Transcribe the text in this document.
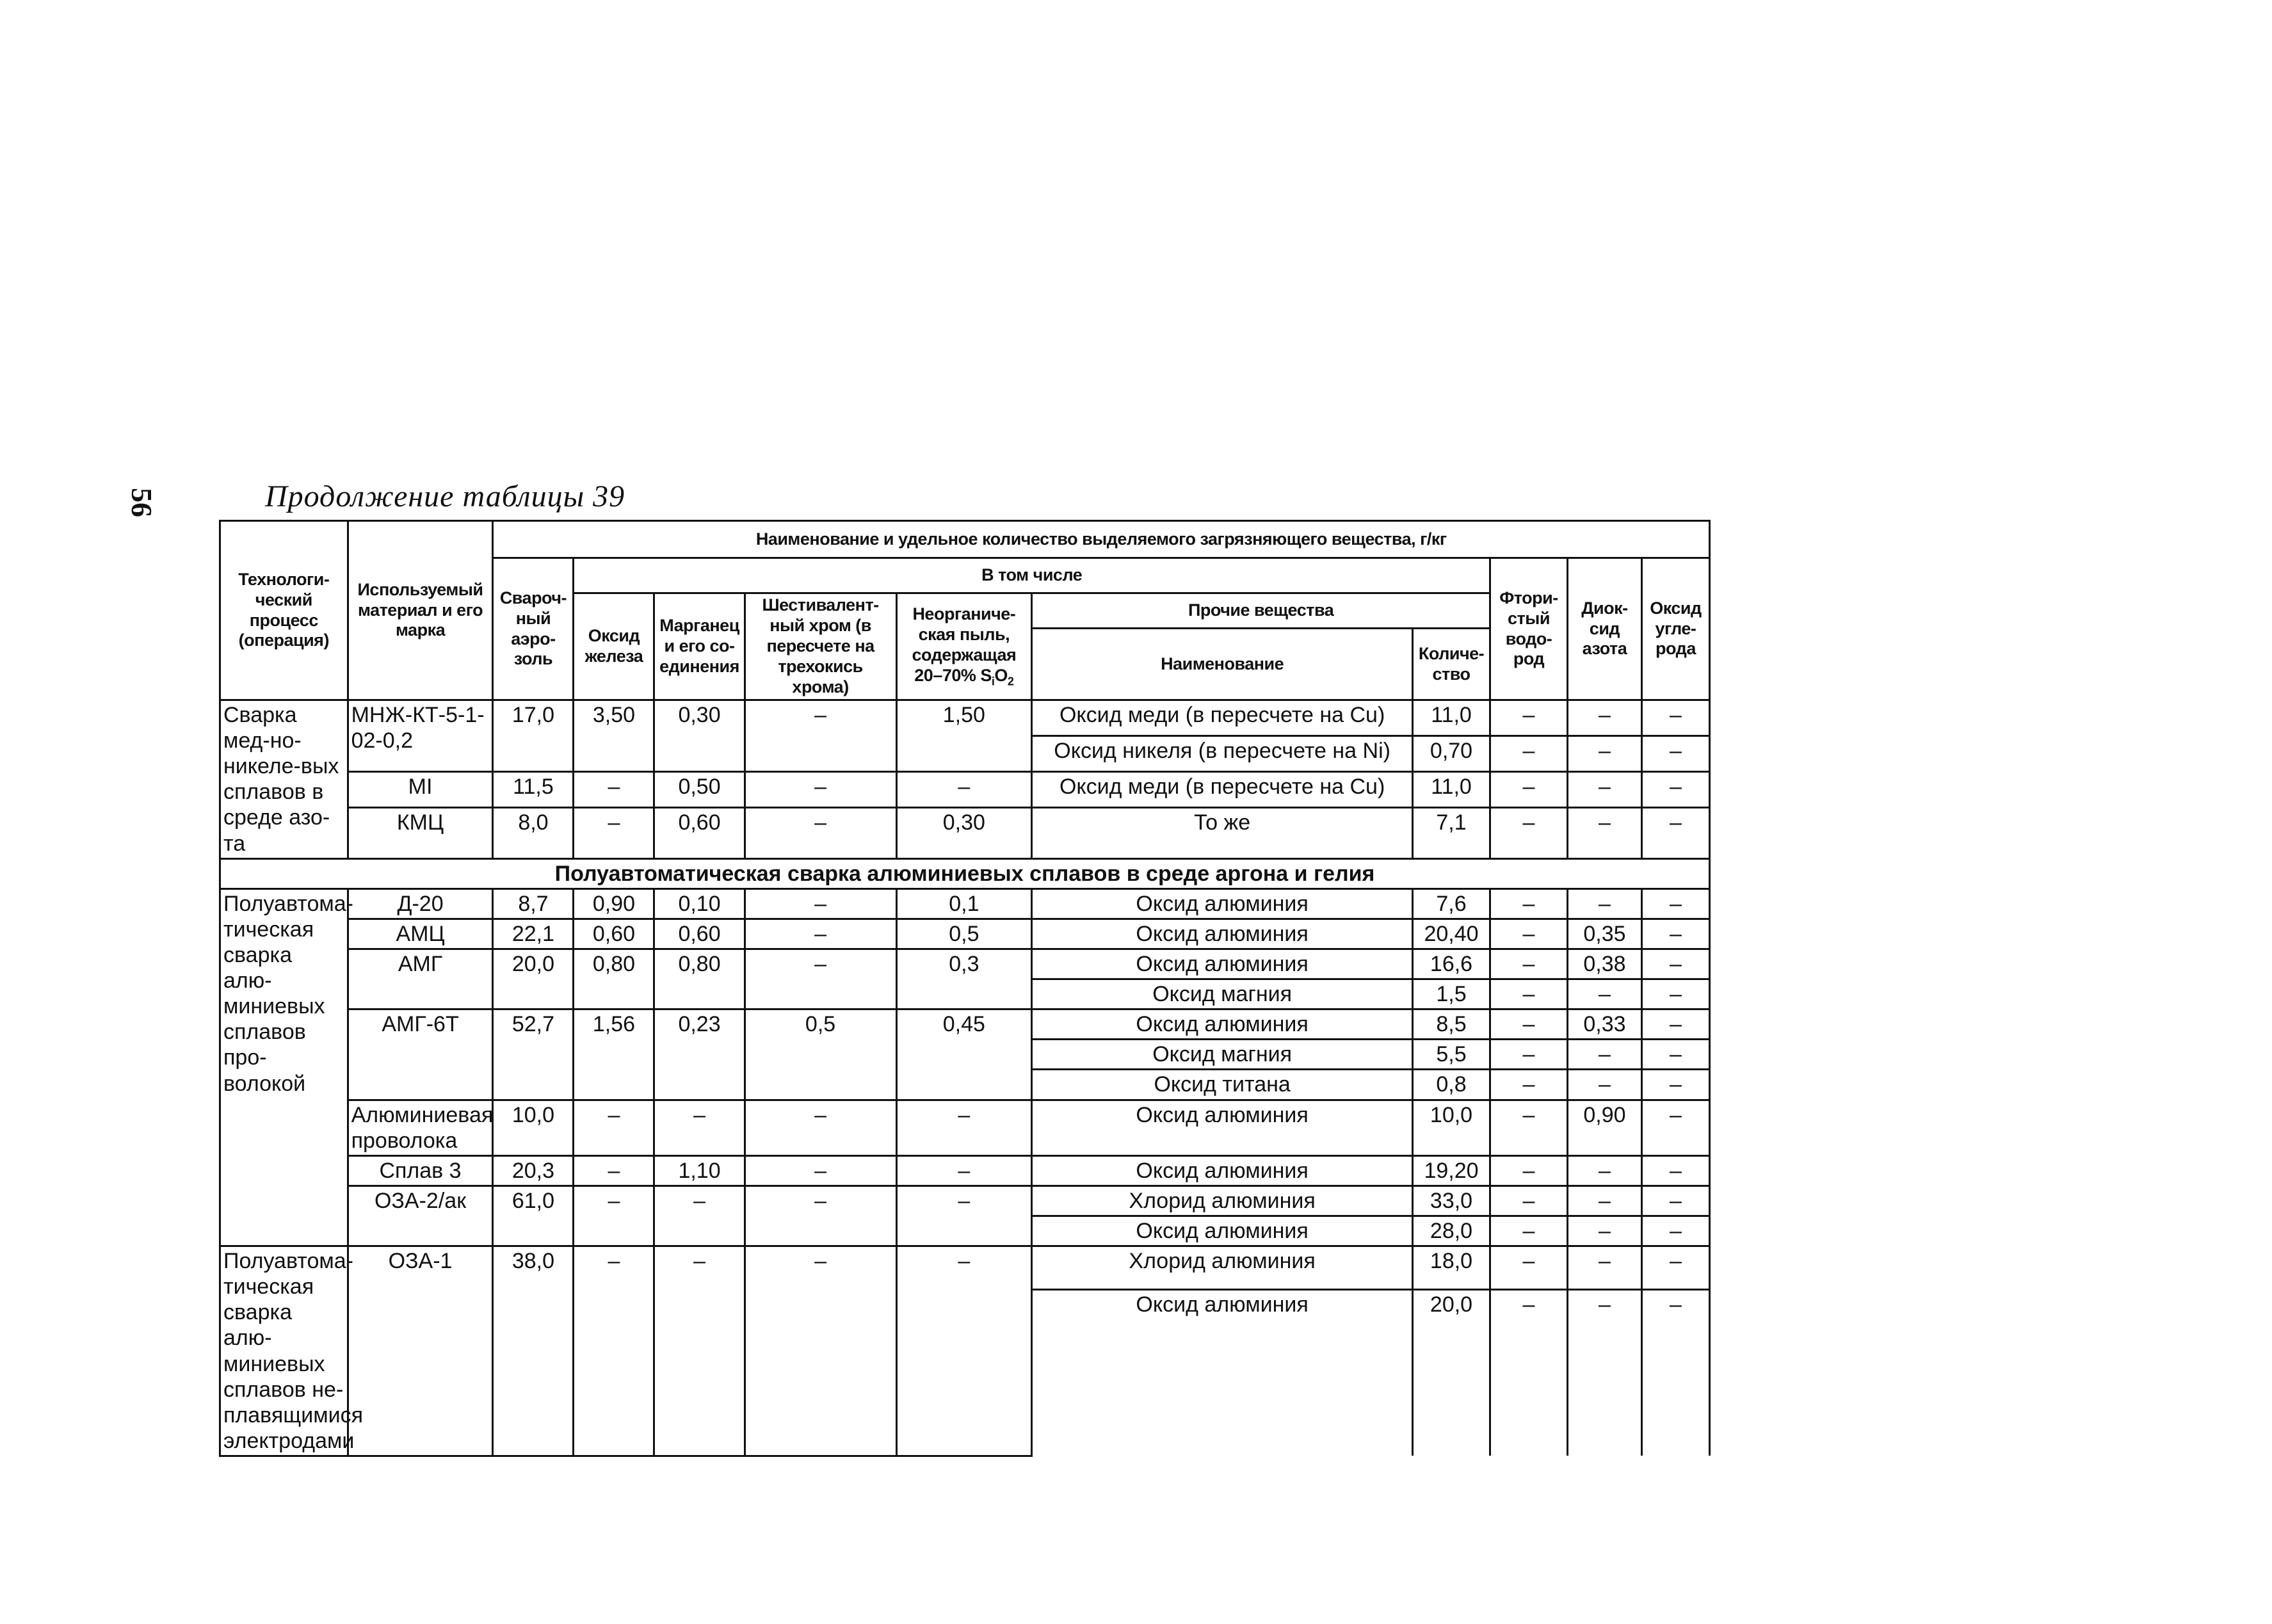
56	Продолжение таблицы 39
Технологи-ческий процесс (операция)	Используемый материал и его марка	Наименование и удельное количество выделяемого загрязняющего вещества, г/кг									
		Свароч-ный аэро-золь	В том числе						Фтори-стый водо-род	Диок-сид азота	Оксид угле-рода
			Оксид железа	Марганец и его со-единения	Шестивалент-ный хром (в пересчете на трехокись хрома)	Неорганиче-ская пыль, содержащая 20–70% $S_iO_2$	Прочие вещества				
							Наименование	Количе-ство			
Сварка мед-но-никеле-вых сплавов в среде азо-та	МНЖ-КТ-5-1-02-0,2	17,0	3,50	0,30	–	1,50	Оксид меди (в пересчете на Cu)	11,0	–	–	–
							Оксид никеля (в пересчете на Ni)	0,70	–	–	–
	MI	11,5	–	0,50	–	–	Оксид меди (в пересчете на Cu)	11,0	–	–	–
	КМЦ	8,0	–	0,60	–	0,30	То же	7,1	–	–	–
Полуавтоматическая сварка алюминиевых сплавов в среде аргона и гелия											
Полуавтома-тическая сварка алю-миниевых сплавов про-волокой	Д-20	8,7	0,90	0,10	–	0,1	Оксид алюминия	7,6	–	–	–
	АМЦ	22,1	0,60	0,60	–	0,5	Оксид алюминия	20,40	–	0,35	–
	АМГ	20,0	0,80	0,80	–	0,3	Оксид алюминия	16,6	–	0,38	–
							Оксид магния	1,5	–	–	–
	АМГ-6Т	52,7	1,56	0,23	0,5	0,45	Оксид алюминия	8,5	–	0,33	–
							Оксид магния	5,5	–	–	–
							Оксид титана	0,8	–	–	–
	Алюминиевая проволока	10,0	–	–	–	–	Оксид алюминия	10,0	–	0,90	–
	Сплав 3	20,3	–	1,10	–	–	Оксид алюминия	19,20	–	–	–
	ОЗА-2/ак	61,0	–	–	–	–	Хлорид алюминия	33,0	–	–	–
							Оксид алюминия	28,0	–	–	–
Полуавтома-тическая сварка алю-миниевых сплавов не-плавящимися электродами	ОЗА-1	38,0	–	–	–	–	Хлорид алюминия	18,0	–	–	–
							Оксид алюминия	20,0	–	–	–
